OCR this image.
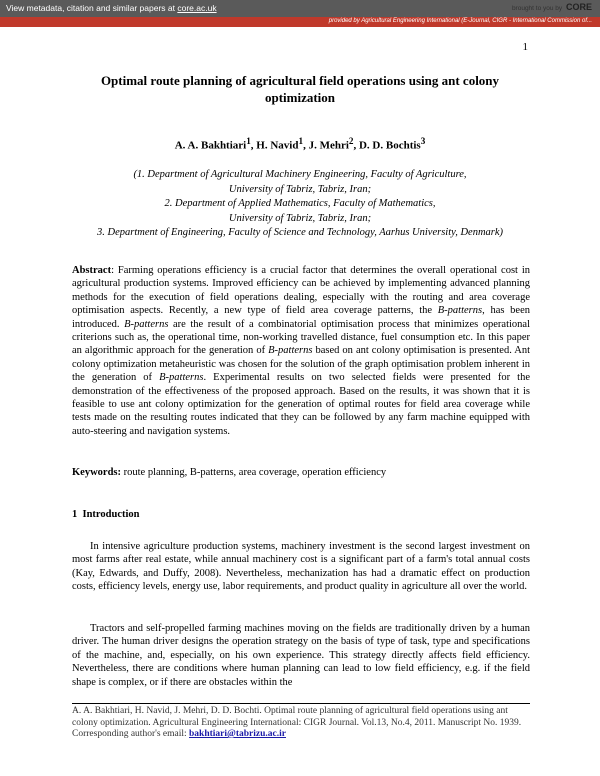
View metadata, citation and similar papers at core.ac.uk	brought to you by CORE
provided by Agricultural Engineering International (E-Journal, CIGR - International Commission of...
1
Optimal route planning of agricultural field operations using ant colony optimization
A. A. Bakhtiari$^1$, H. Navid$^1$, J. Mehri$^2$, D. D. Bochtis$^3$
(1. Department of Agricultural Machinery Engineering, Faculty of Agriculture,
University of Tabriz, Tabriz, Iran;
2. Department of Applied Mathematics, Faculty of Mathematics,
University of Tabriz, Tabriz, Iran;
3. Department of Engineering, Faculty of Science and Technology, Aarhus University, Denmark)
Abstract: Farming operations efficiency is a crucial factor that determines the overall operational cost in agricultural production systems. Improved efficiency can be achieved by implementing advanced planning methods for the execution of field operations dealing, especially with the routing and area coverage optimisation aspects. Recently, a new type of field area coverage patterns, the B-patterns, has been introduced. B-patterns are the result of a combinatorial optimisation process that minimizes operational criterions such as, the operational time, non-working travelled distance, fuel consumption etc. In this paper an algorithmic approach for the generation of B-patterns based on ant colony optimisation is presented. Ant colony optimization metaheuristic was chosen for the solution of the graph optimisation problem inherent in the generation of B-patterns. Experimental results on two selected fields were presented for the demonstration of the effectiveness of the proposed approach. Based on the results, it was shown that it is feasible to use ant colony optimization for the generation of optimal routes for field area coverage while tests made on the resulting routes indicated that they can be followed by any farm machine equipped with auto-steering and navigation systems.
Keywords: route planning, B-patterns, area coverage, operation efficiency
1 Introduction
In intensive agriculture production systems, machinery investment is the second largest investment on most farms after real estate, while annual machinery cost is a significant part of a farm's total annual costs (Kay, Edwards, and Duffy, 2008). Nevertheless, mechanization has had a dramatic effect on production costs, efficiency levels, energy use, labor requirements, and product quality in agriculture all over the world.
Tractors and self-propelled farming machines moving on the fields are traditionally driven by a human driver. The human driver designs the operation strategy on the basis of type of task, type and specifications of the machine, and, especially, on his own experience. This strategy directly affects field efficiency. Nevertheless, there are conditions where human planning can lead to low field efficiency, e.g. if the field shape is complex, or if there are obstacles within the
A. A. Bakhtiari, H. Navid, J. Mehri, D. D. Bochti. Optimal route planning of agricultural field operations using ant colony optimization. Agricultural Engineering International: CIGR Journal. Vol.13, No.4, 2011. Manuscript No. 1939. Corresponding author's email: bakhtiari@tabrizu.ac.ir
